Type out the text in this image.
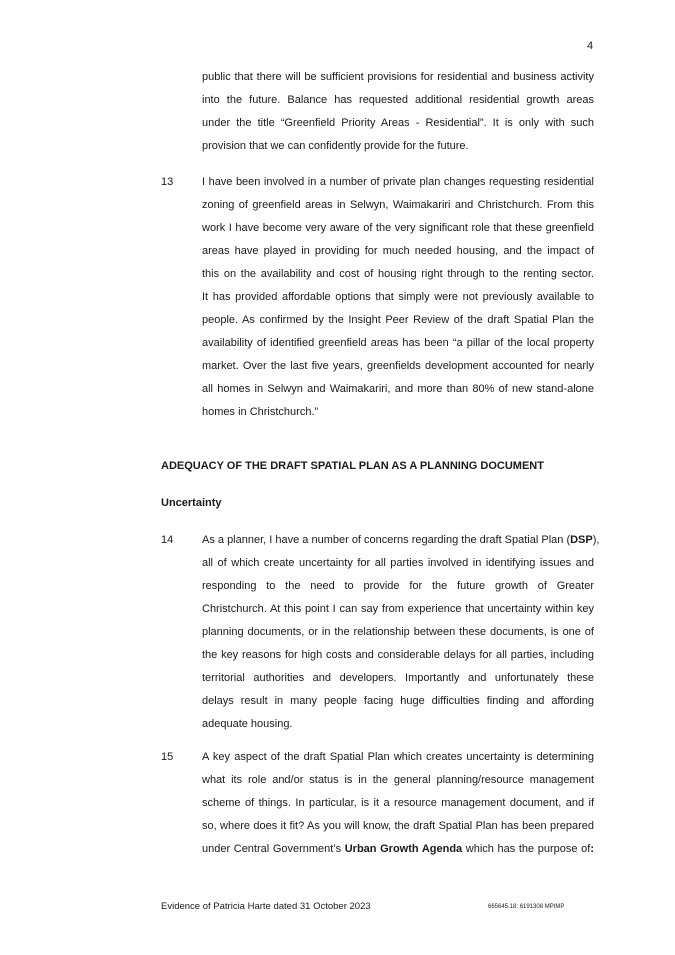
4
public that there will be sufficient provisions for residential and business activity
into the future. Balance has requested additional residential growth areas
under the title “Greenfield Priority Areas - Residential”. It is only with such
provision that we can confidently provide for the future.
13	I have been involved in a number of private plan changes requesting residential
zoning of greenfield areas in Selwyn, Waimakariri and Christchurch. From this
work I have become very aware of the very significant role that these greenfield
areas have played in providing for much needed housing, and the impact of
this on the availability and cost of housing right through to the renting sector.
It has provided affordable options that simply were not previously available to
people. As confirmed by the Insight Peer Review of the draft Spatial Plan the
availability of identified greenfield areas has been “a pillar of the local property
market. Over the last five years, greenfields development accounted for nearly
all homes in Selwyn and Waimakariri, and more than 80% of new stand-alone
homes in Christchurch.”
ADEQUACY OF THE DRAFT SPATIAL PLAN AS A PLANNING DOCUMENT
Uncertainty
14	As a planner, I have a number of concerns regarding the draft Spatial Plan (DSP),
all of which create uncertainty for all parties involved in identifying issues and
responding to the need to provide for the future growth of Greater
Christchurch. At this point I can say from experience that uncertainty within key
planning documents, or in the relationship between these documents, is one of
the key reasons for high costs and considerable delays for all parties, including
territorial authorities and developers. Importantly and unfortunately these
delays result in many people facing huge difficulties finding and affording
adequate housing.
15	A key aspect of the draft Spatial Plan which creates uncertainty is determining
what its role and/or status is in the general planning/resource management
scheme of things. In particular, is it a resource management document, and if
so, where does it fit? As you will know, the draft Spatial Plan has been prepared
under Central Government’s Urban Growth Agenda which has the purpose of:
Evidence of Patricia Harte dated 31 October 2023	665645.18: 6191308 MPIMP
